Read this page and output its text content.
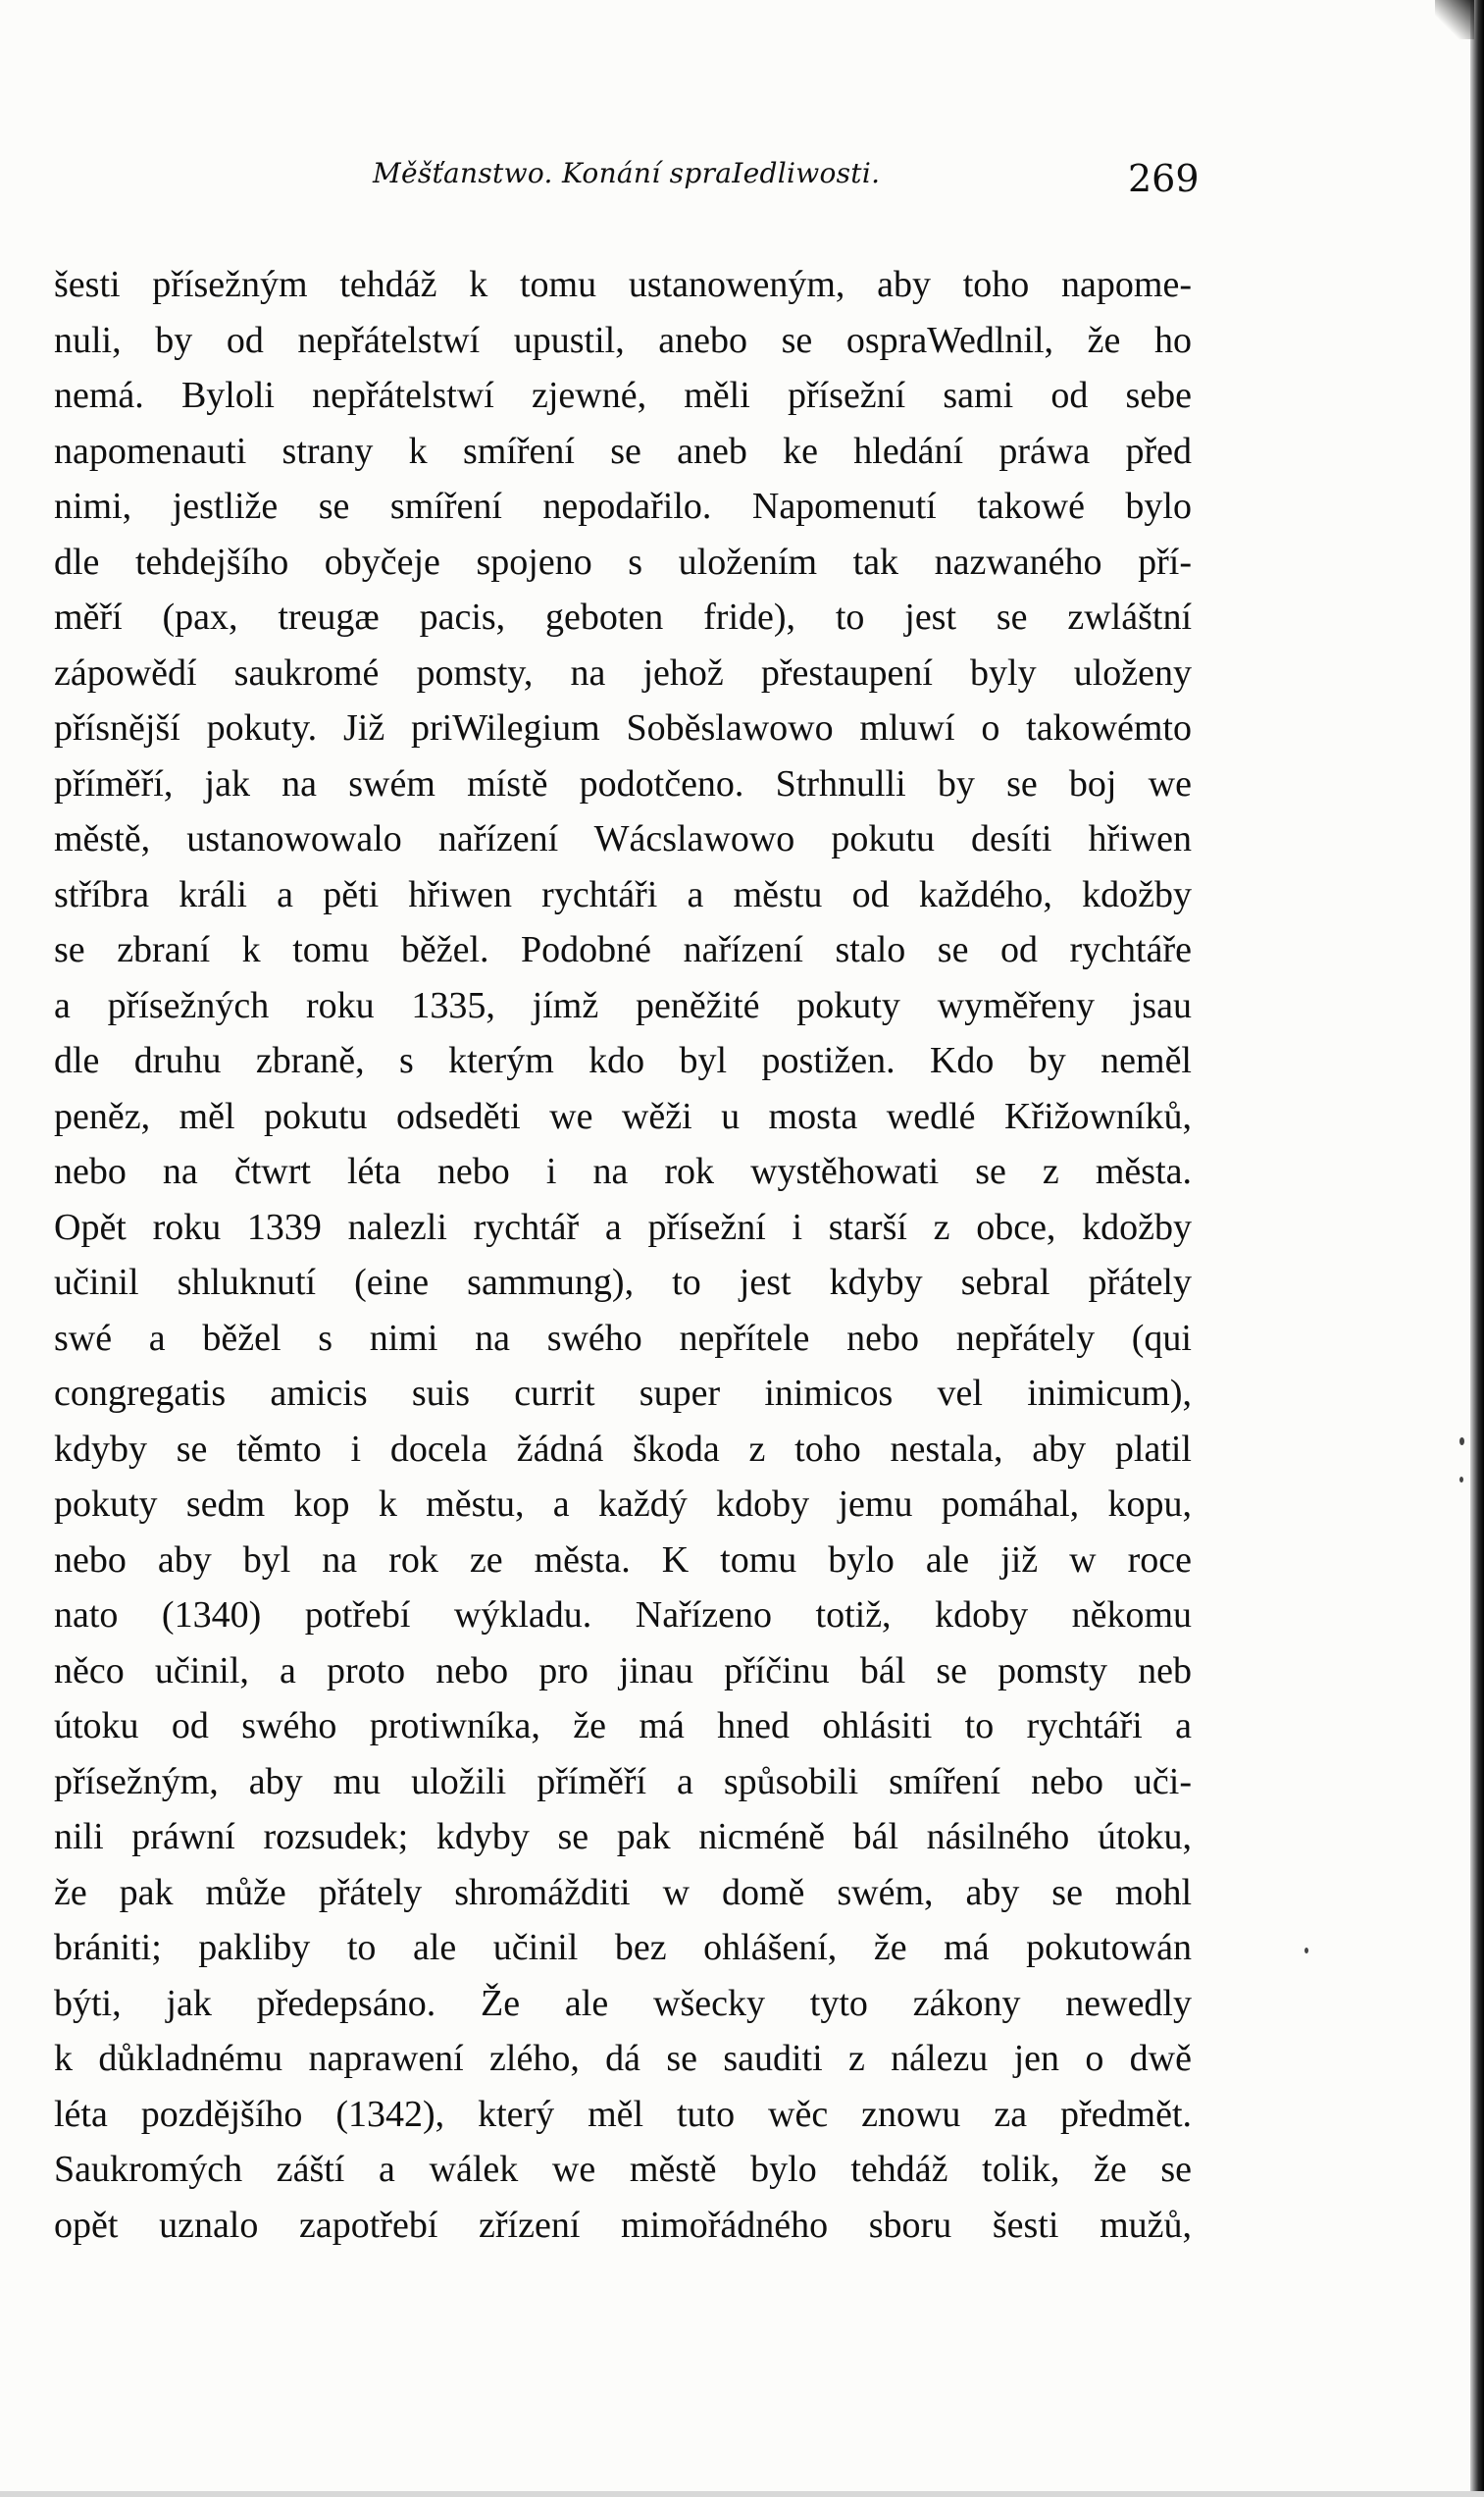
Měšťanstwo. Konání spraIedliwosti.	269
šesti přísežným tehdáž k tomu ustanoweným, aby toho napome-
nuli, by od nepřátelstwí upustil, anebo se ospraWedlnil, že ho
nemá. Byloli nepřátelstwí zjewné, měli přísežní sami od sebe
napomenauti strany k smíření se aneb ke hledání práwa před
nimi, jestliže se smíření nepodařilo. Napomenutí takowé bylo
dle tehdejšího obyčeje spojeno s uložením tak nazwaného pří-
měří (pax, treugæ pacis, geboten fride), to jest se zwláštní
zápowědí saukromé pomsty, na jehož přestaupení byly uloženy
přísnější pokuty. Již priWilegium Soběslawowo mluwí o takowémto
příměří, jak na swém místě podotčeno. Strhnulli by se boj we
městě, ustanowowalo nařízení Wácslawowo pokutu desíti hřiwen
stříbra králi a pěti hřiwen rychtáři a městu od každého, kdožby
se zbraní k tomu běžel. Podobné nařízení stalo se od rychtáře
a přísežných roku 1335, jímž peněžité pokuty wyměřeny jsau
dle druhu zbraně, s kterým kdo byl postižen. Kdo by neměl
peněz, měl pokutu odseděti we wěži u mosta wedlé Křižowníků,
nebo na čtwrt léta nebo i na rok wystěhowati se z města.
Opět roku 1339 nalezli rychtář a přísežní i starší z obce, kdožby
učinil shluknutí (eine sammung), to jest kdyby sebral přátely
swé a běžel s nimi na swého nepřítele nebo nepřátely (qui
congregatis amicis suis currit super inimicos vel inimicum),
kdyby se těmto i docela žádná škoda z toho nestala, aby platil
pokuty sedm kop k městu, a každý kdoby jemu pomáhal, kopu,
nebo aby byl na rok ze města. K tomu bylo ale již w roce
nato (1340) potřebí wýkladu. Nařízeno totiž, kdoby někomu
něco učinil, a proto nebo pro jinau příčinu bál se pomsty neb
útoku od swého protiwníka, že má hned ohlásiti to rychtáři a
přísežným, aby mu uložili příměří a spůsobili smíření nebo uči-
nili práwní rozsudek; kdyby se pak nicméně bál násilného útoku,
že pak může přátely shromážditi w domě swém, aby se mohl
brániti; pakliby to ale učinil bez ohlášení, že má pokutowán
býti, jak předepsáno. Že ale wšecky tyto zákony newedly
k důkladnému naprawení zlého, dá se sauditi z nálezu jen o dwě
léta pozdějšího (1342), který měl tuto wěc znowu za předmět.
Saukromých záští a wálek we městě bylo tehdáž tolik, že se
opět uznalo zapotřebí zřízení mimořádného sboru šesti mužů,
